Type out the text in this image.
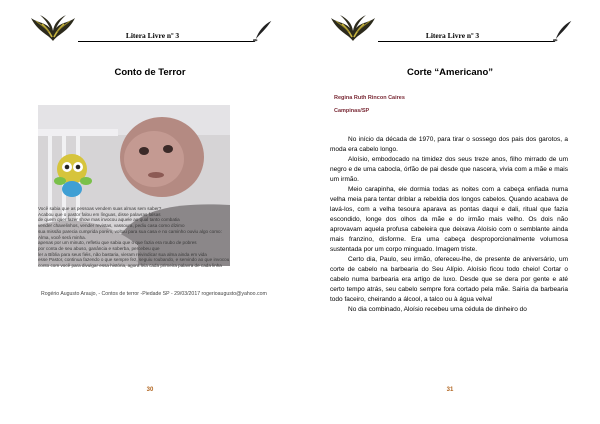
Litera Livre nº 3
Conto de Terror
Você sabia que as pessoas vendem suas almas sem saber?
Acabou que o pastor falou em línguas, disse palavras falsas
de quem quer fazer show mas invocou aquele ao qual tanto combatia
vender chavelinhos, vender revistas, vassoura, pediu casa como dízimo
sua missão parecia cumprida porém, voltou para sua casa e no caminho ouviu algo como:
Alma, você será minha.
apenas por um minuto, refletiu que sabia que o que fazia era roubo de pobres
por conta de seu abuso, ganância e soberba, percebeu que
ler a Bíblia para seus fiéis, não bastaria, vieram reivindicar sua alma ainda em vida
esse Pastor, continua fazendo o que sempre fez, seguiu roubando, e servindo ao que invocou
conto com você para divulgar essa história, agora leia cada primeira palavra de cada linha
Rogério Augusto Araujo, - Contos de terror -Piedade SP - 29/03/2017 rogerioaugusto@yahoo.com
30
Litera Livre nº 3
Corte “Americano”
Regina Ruth Rincon Caires
Campinas/SP

No início da década de 1970, para tirar o sossego dos pais dos garotos, a moda era cabelo longo.

Aloísio, embodocado na timidez dos seus treze anos, filho mirrado de um negro e de uma cabocla, órfão de pai desde que nascera, vivia com a mãe e mais um irmão.

Meio carapinha, ele dormia todas as noites com a cabeça enfiada numa velha meia para tentar driblar a rebeldia dos longos cabelos. Quando acabava de lavá-los, com a velha tesoura aparava as pontas daqui e dali, ritual que fazia escondido, longe dos olhos da mãe e do irmão mais velho. Os dois não aprovavam aquela profusa cabeleira que deixava Aloísio com o semblante ainda mais franzino, disforme. Era uma cabeça desproporcionalmente volumosa sustentada por um corpo minguado. Imagem triste.

Certo dia, Paulo, seu irmão, ofereceu-lhe, de presente de aniversário, um corte de cabelo na barbearia do Seu Alípio. Aloísio ficou todo cheio! Cortar o cabelo numa barbearia era artigo de luxo. Desde que se dera por gente e até certo tempo atrás, seu cabelo sempre fora cortado pela mãe. Sairia da barbearia todo faceiro, cheirando a álcool, a talco ou à água velva!

No dia combinado, Aloísio recebeu uma cédula de dinheiro do

31
